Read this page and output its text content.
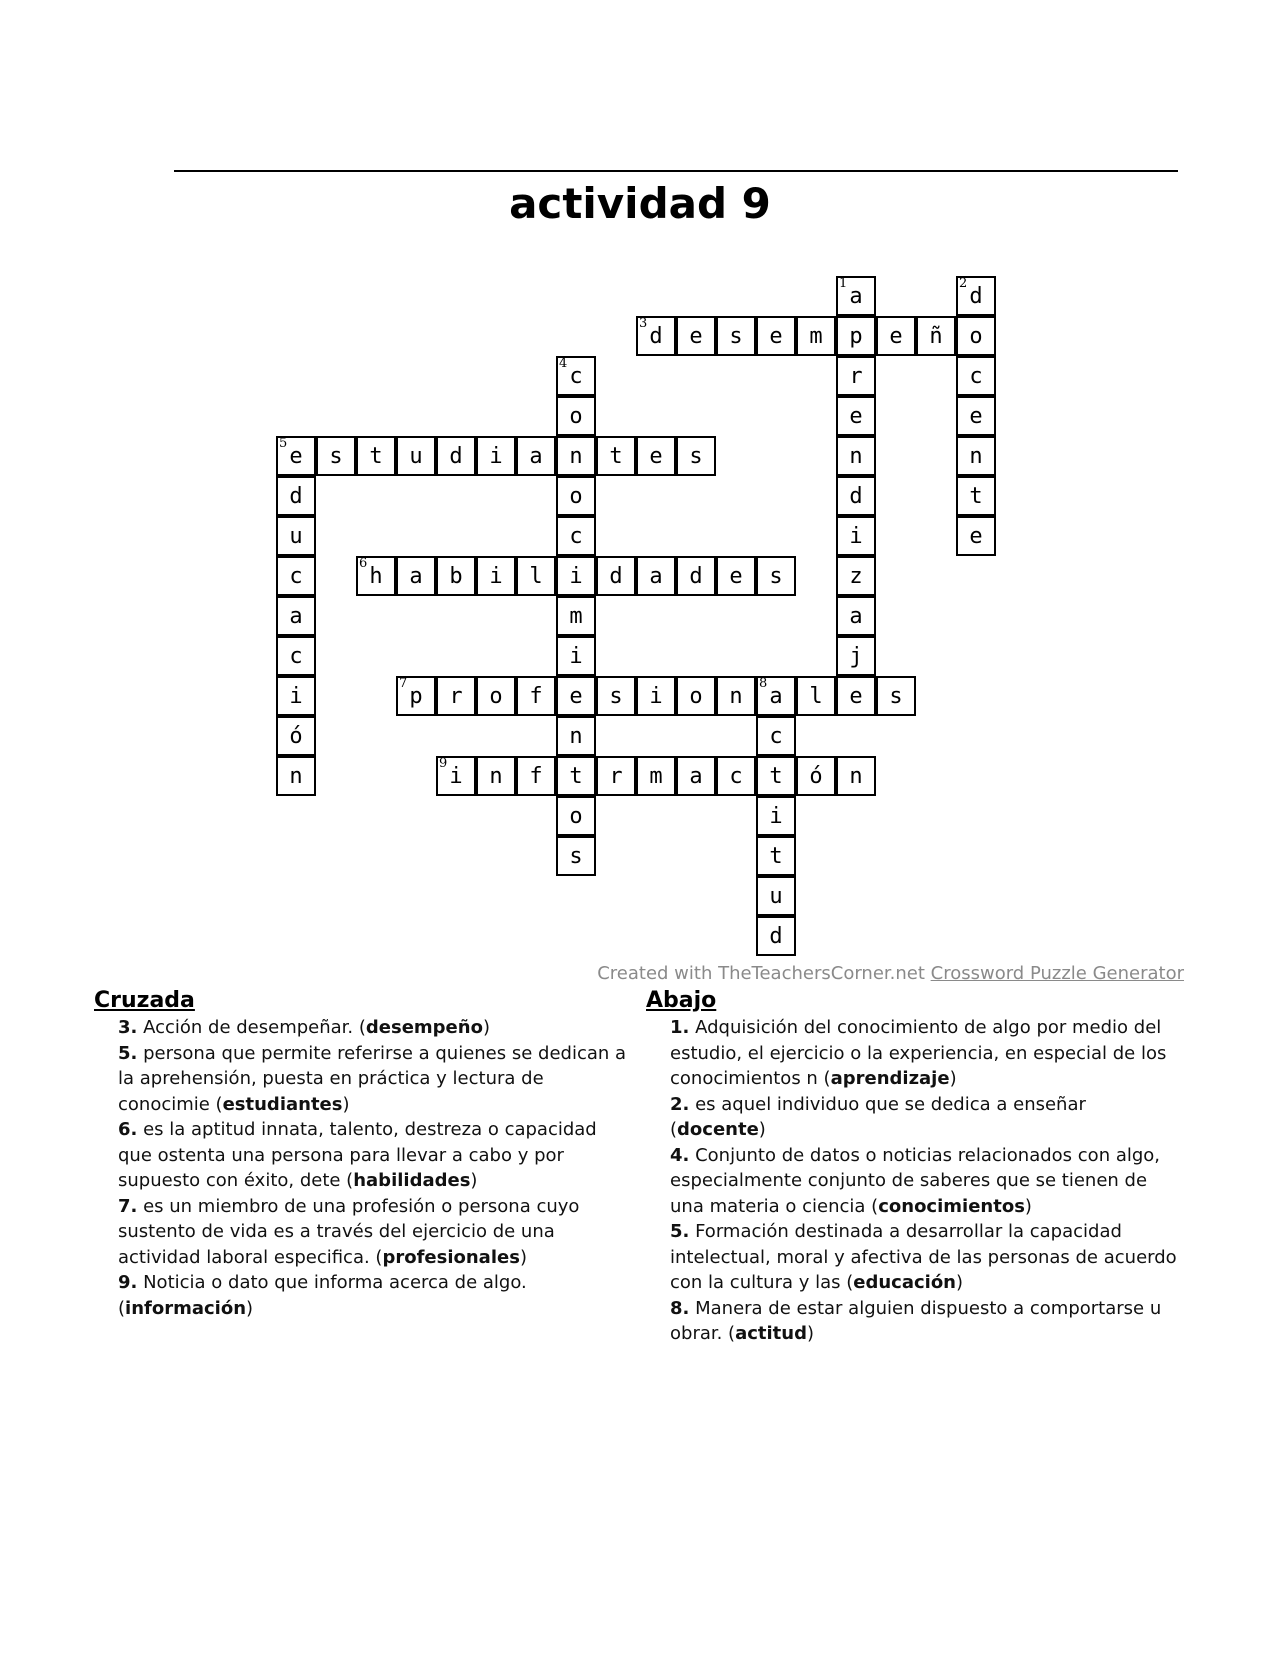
actividad 9
a
1
p
r
e
n
d
i
z
a
j
e
d
2
o
c
e
n
t
e
d
3 e s e m	e ñ
c
4
o
n
o
c
i
m
i
e
n
t
o
s
e
5 s t u d i a	t e s
d
u
c
a
c
i
ó
n
h
6 a b i l	d a d e s
p
7 r o f	s i o n a
8 l	s
c
t
i
t
u
d
i
9 n f	r m a c	ó n
Created with TheTeachersCorner.net Crossword Puzzle Generator
Cruzada
3. Acción de desempeñar. (desempeño)
5. persona que permite referirse a quienes se dedican a la aprehensión, puesta en práctica y lectura de conocimie (estudiantes)
6. es la aptitud innata, talento, destreza o capacidad que ostenta una persona para llevar a cabo y por supuesto con éxito, dete (habilidades)
7. es un miembro de una profesión o persona cuyo sustento de vida es a través del ejercicio de una actividad laboral especifica. (profesionales)
9. Noticia o dato que informa acerca de algo. (información)
Abajo
1. Adquisición del conocimiento de algo por medio del estudio, el ejercicio o la experiencia, en especial de los conocimientos n (aprendizaje)
2. es aquel individuo que se dedica a enseñar (docente)
4. Conjunto de datos o noticias relacionados con algo, especialmente conjunto de saberes que se tienen de una materia o ciencia (conocimientos)
5. Formación destinada a desarrollar la capacidad intelectual, moral y afectiva de las personas de acuerdo con la cultura y las (educación)
8. Manera de estar alguien dispuesto a comportarse u obrar. (actitud)
